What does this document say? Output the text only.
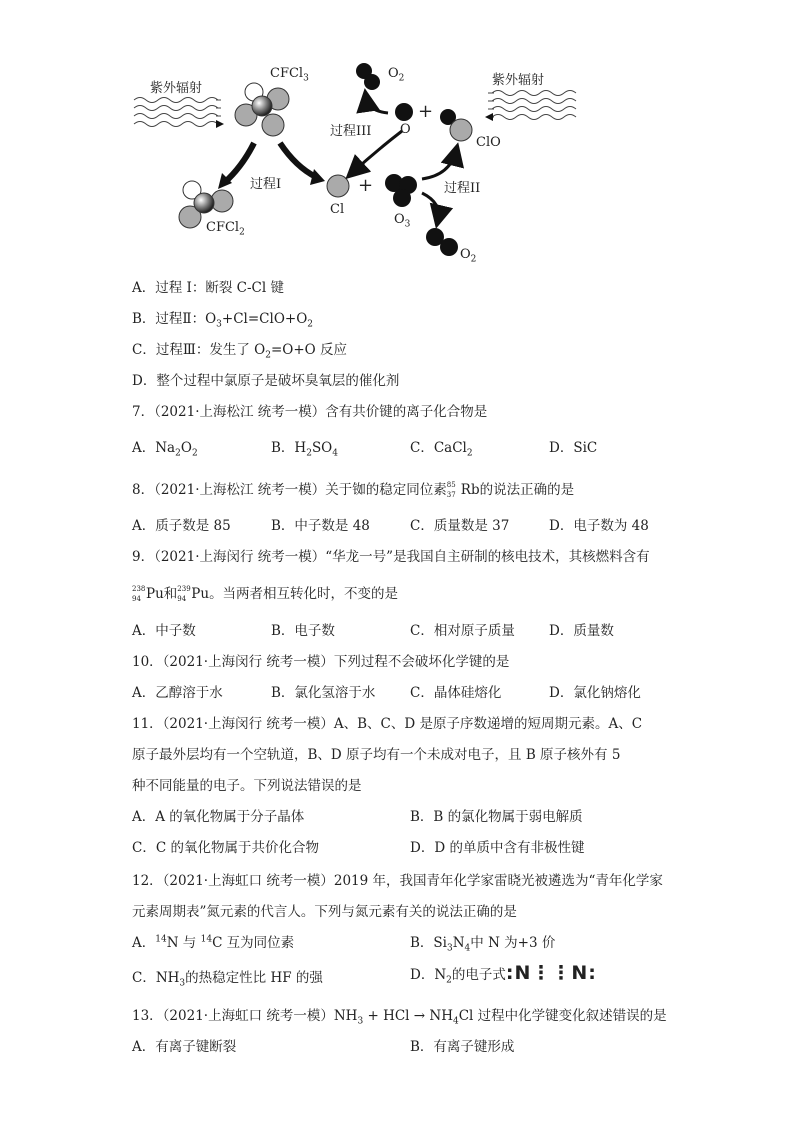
紫外辐射
紫外辐射
CFCl$_3$
CFCl$_2$
过程I	过程II
过程III
Cl
O
$O_3$
$O_2$
$O_2$
ClO
+
+
A．过程 I：断裂 C-Cl 键
B．过程Ⅱ：$O_3+Cl=ClO+O_2$
C．过程Ⅲ：发生了 $O_2=O+O$ 反应
D．整个过程中氯原子是破坏臭氧层的催化剂
7．（2021·上海松江 统考一模）含有共价键的离子化合物是
A．$Na_2O_2$	B．$H_2SO_4$	C．CaCl$_2$	D．SiC
8．（2021·上海松江 统考一模）关于铷的稳定同位素 85
37 Rb的说法正确的是
A．质子数是 85	B．中子数是 48	C．质量数是 37	D．电子数为 48
9．（2021·上海闵行 统考一模）“华龙一号”是我国自主研制的核电技术，其核燃料含有
238
94 Pu和 239
94 Pu。当两者相互转化时，不变的是
A．中子数	B．电子数	C．相对原子质量	D．质量数
10．（2021·上海闵行 统考一模）下列过程不会破坏化学键的是
A．乙醇溶于水	B．氯化氢溶于水	C．晶体硅熔化	D．氯化钠熔化
11．（2021·上海闵行 统考一模）A、B、C、D 是原子序数递增的短周期元素。A、C
原子最外层均有一个空轨道，B、D 原子均有一个未成对电子，且 B 原子核外有 5
种不同能量的电子。下列说法错误的是
A．A 的氧化物属于分子晶体	B．B 的氯化物属于弱电解质
C．C 的氧化物属于共价化合物	D．D 的单质中含有非极性键
12．（2021·上海虹口 统考一模）2019 年，我国青年化学家雷晓光被遴选为“青年化学家
元素周期表”氮元素的代言人。下列与氮元素有关的说法正确的是
A．$^{14}$N 与 $^{14}$C 互为同位素	B．$Si_3N_4$中 N 为+3 价
C．$NH_3$的热稳定性比 HF 的强	D．$N_2$的电子式:N⋮⋮N:
13．（2021·上海虹口 统考一模）$NH_3$ + HCl → $NH_4Cl$ 过程中化学键变化叙述错误的是
A．有离子键断裂	B．有离子键形成
